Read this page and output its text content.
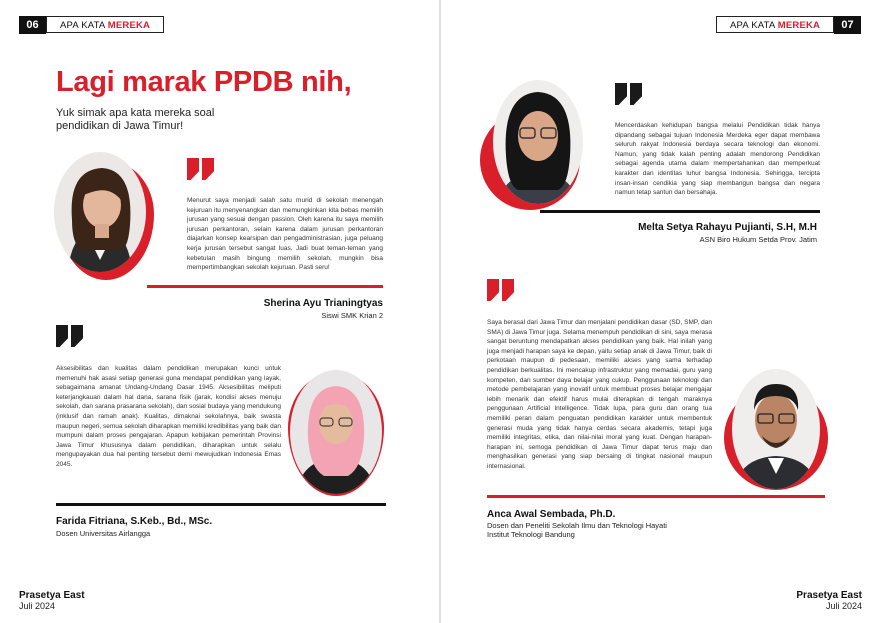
06	APA KATA MEREKA
Lagi marak PPDB nih,
Yuk simak apa kata mereka soal
pendidikan di Jawa Timur!
Menurut saya menjadi salah satu murid di sekolah menengah kejuruan itu menyenangkan dan memungkinkan kita bebas memilih jurusan yang sesuai dengan passion. Oleh karena itu saya memilih jurusan perkantoran, selain karena dalam jurusan perkantoran diajarkan konsep kearsipan dan pengadministrasian, juga peluang kerja jurusan tersebut sangat luas. Jadi buat teman-teman yang kebetulan masih bingung memilih sekolah, mungkin bisa mempertimbangkan sekolah kejuruan. Pasti seru!
Sherina Ayu Trianingtyas
Siswi SMK Krian 2
Aksesibilitas dan kualitas dalam pendidikan merupakan kunci untuk memenuhi hak asasi setiap generasi guna mendapat pendidikan yang layak, sebagaimana amanat Undang-Undang Dasar 1945. Aksesibilitas meliputi keterjangkauan dalam hal dana, sarana fisik (jarak, kondisi akses menuju sekolah, dan sarana prasarana sekolah), dan sosial budaya yang mendukung (inklusif dan ramah anak). Kualitas, dimaknai sekolahnya, baik swasta maupun negeri, semua sekolah diharapkan memiliki kredibilitas yang baik dan mumpuni dalam proses pengajaran. Apapun kebijakan pemerintah Provinsi Jawa Timur khususnya dalam pendidikan, diharapkan untuk selalu mengupayakan dua hal penting tersebut demi mewujudkan Indonesia Emas 2045.
Farida Fitriana, S.Keb., Bd., MSc.
Dosen Universitas Airlangga
Prasetya East
Juli 2024
APA KATA MEREKA	07
Mencerdaskan kehidupan bangsa melalui Pendidikan tidak hanya dipandang sebagai tujuan Indonesia Merdeka eger dapat membawa seluruh rakyat Indonesia berdaya secara teknologi dan ekonomi. Namun, yang tidak kalah penting adalah mendorong Pendidikan sebagai agenda utama dalam mempertahankan dan memperkuat karakter dan identitas luhur bangsa Indonesia. Sehingga, tercipta insan-insan cendikia yang siap membangun bangsa dan negara namun tetap santun dan bersahaja.
Melta Setya Rahayu Pujianti, S.H, M.H
ASN Biro Hukum Setda Prov. Jatim
Saya berasal dari Jawa Timur dan menjalani pendidikan dasar (SD, SMP, dan SMA) di Jawa Timur juga. Selama menempuh pendidikan di sini, saya merasa sangat beruntung mendapatkan akses pendidikan yang baik. Hal inilah yang juga menjadi harapan saya ke depan, yaitu setiap anak di Jawa Timur, baik di perkotaan maupun di pedesaan, memiliki akses yang sama terhadap pendidikan berkualitas. Ini mencakup infrastruktur yang memadai, guru yang kompeten, dan sumber daya belajar yang cukup. Penggunaan teknologi dan metode pembelajaran yang inovatif untuk membuat proses belajar mengajar lebih menarik dan efektif harus mulai diterapkan di tengah maraknya penggunaan Artificial Intelligence. Tidak lupa, para guru dan orang tua memiliki peran dalam penguatan pendidikan karakter untuk membentuk generasi muda yang tidak hanya cerdas secara akademis, tetapi juga memiliki integritas, etika, dan nilai-nilai moral yang kuat. Dengan harapan-harapan ini, semoga pendidikan di Jawa Timur dapat terus maju dan menghasilkan generasi yang siap bersaing di tingkat nasional maupun internasional.
Anca Awal Sembada, Ph.D.
Dosen dan Peneliti Sekolah Ilmu dan Teknologi Hayati
Institut Teknologi Bandung
Prasetya East
Juli 2024
